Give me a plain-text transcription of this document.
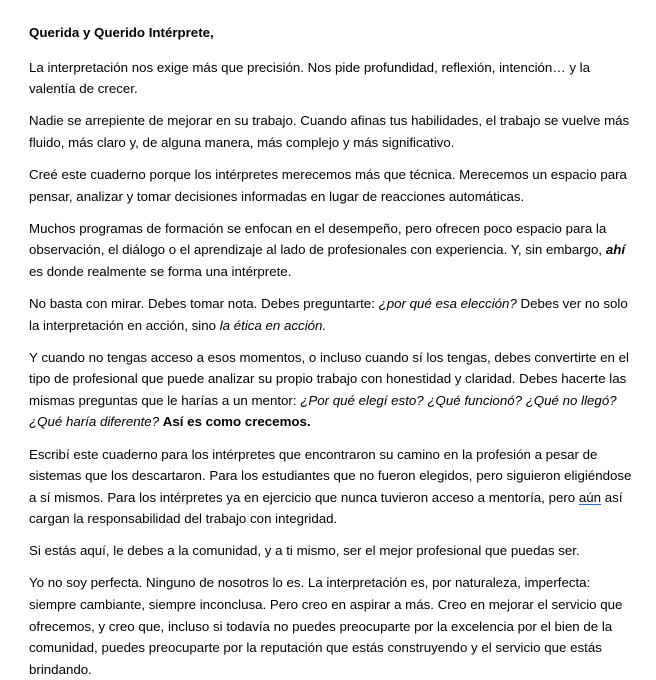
Querida y Querido Intérprete,

La interpretación nos exige más que precisión. Nos pide profundidad, reflexión, intención… y la valentía de crecer.

Nadie se arrepiente de mejorar en su trabajo. Cuando afinas tus habilidades, el trabajo se vuelve más fluido, más claro y, de alguna manera, más complejo y más significativo.

Creé este cuaderno porque los intérpretes merecemos más que técnica. Merecemos un espacio para pensar, analizar y tomar decisiones informadas en lugar de reacciones automáticas.

Muchos programas de formación se enfocan en el desempeño, pero ofrecen poco espacio para la observación, el diálogo o el aprendizaje al lado de profesionales con experiencia. Y, sin embargo, ahí es donde realmente se forma una intérprete.

No basta con mirar. Debes tomar nota. Debes preguntarte: ¿por qué esa elección? Debes ver no solo la interpretación en acción, sino la ética en acción.

Y cuando no tengas acceso a esos momentos, o incluso cuando sí los tengas, debes convertirte en el tipo de profesional que puede analizar su propio trabajo con honestidad y claridad. Debes hacerte las mismas preguntas que le harías a un mentor: ¿Por qué elegí esto? ¿Qué funcionó? ¿Qué no llegó? ¿Qué haría diferente? Así es como crecemos.

Escribí este cuaderno para los intérpretes que encontraron su camino en la profesión a pesar de sistemas que los descartaron. Para los estudiantes que no fueron elegidos, pero siguieron eligiéndose a sí mismos. Para los intérpretes ya en ejercicio que nunca tuvieron acceso a mentoría, pero aún así cargan la responsabilidad del trabajo con integridad.

Si estás aquí, le debes a la comunidad, y a ti mismo, ser el mejor profesional que puedas ser.

Yo no soy perfecta. Ninguno de nosotros lo es. La interpretación es, por naturaleza, imperfecta: siempre cambiante, siempre inconclusa. Pero creo en aspirar a más. Creo en mejorar el servicio que ofrecemos, y creo que, incluso si todavía no puedes preocuparte por la excelencia por el bien de la comunidad, puedes preocuparte por la reputación que estás construyendo y el servicio que estás brindando.
